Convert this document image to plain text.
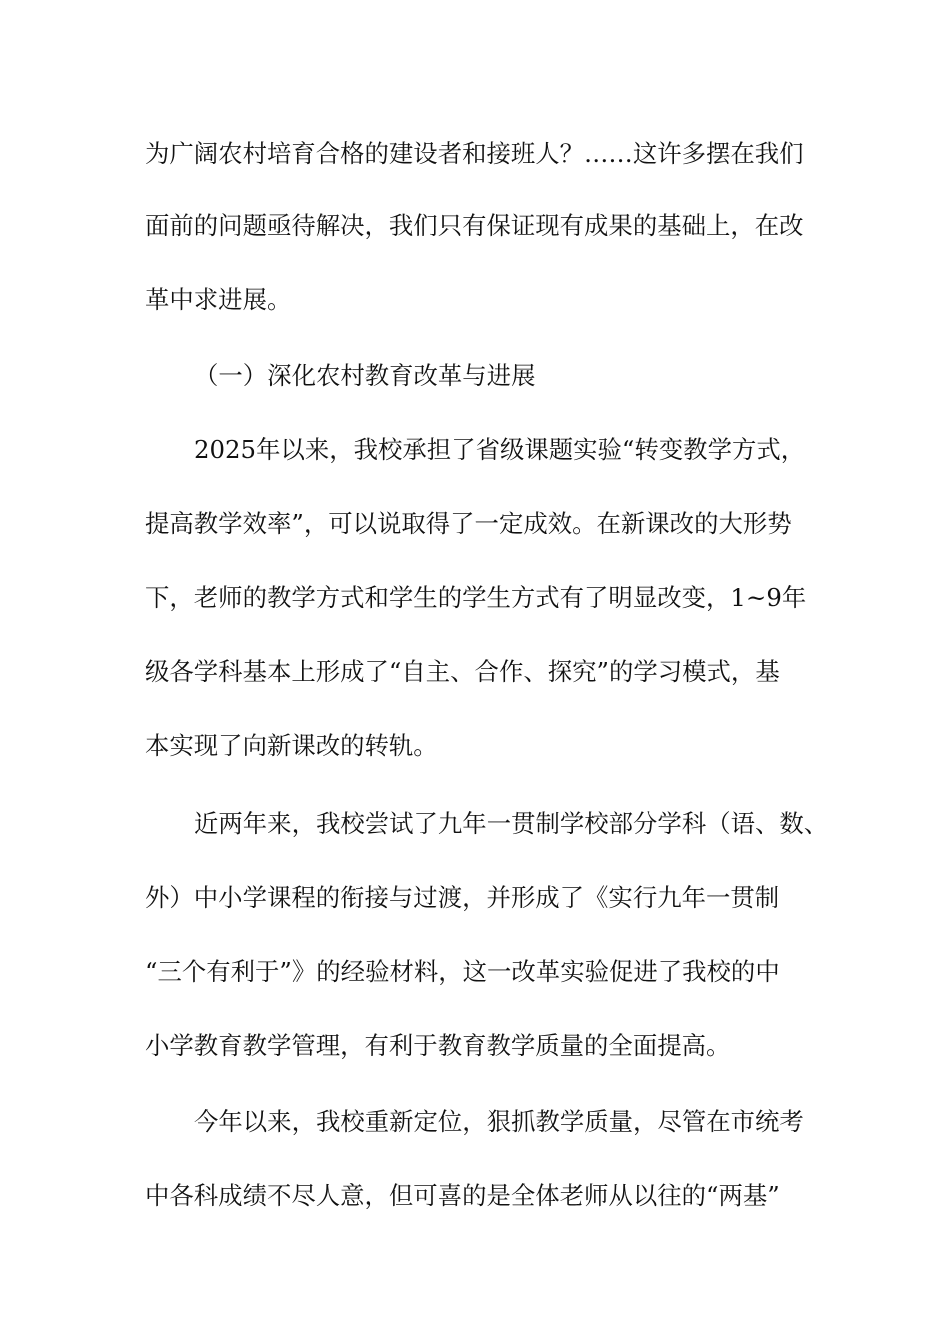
为广阔农村培育合格的建设者和接班人？……这许多摆在我们
面前的问题亟待解决，我们只有保证现有成果的基础上，在改
革中求进展。
（一）深化农村教育改革与进展
2025年以来，我校承担了省级课题实验“转变教学方式，
提高教学效率”，可以说取得了一定成效。在新课改的大形势
下，老师的教学方式和学生的学生方式有了明显改变，1~9年
级各学科基本上形成了“自主、合作、探究”的学习模式，基
本实现了向新课改的转轨。
近两年来，我校尝试了九年一贯制学校部分学科（语、数、
外）中小学课程的衔接与过渡，并形成了《实行九年一贯制
“三个有利于”》的经验材料，这一改革实验促进了我校的中
小学教育教学管理，有利于教育教学质量的全面提高。
今年以来，我校重新定位，狠抓教学质量，尽管在市统考
中各科成绩不尽人意，但可喜的是全体老师从以往的“两基”
